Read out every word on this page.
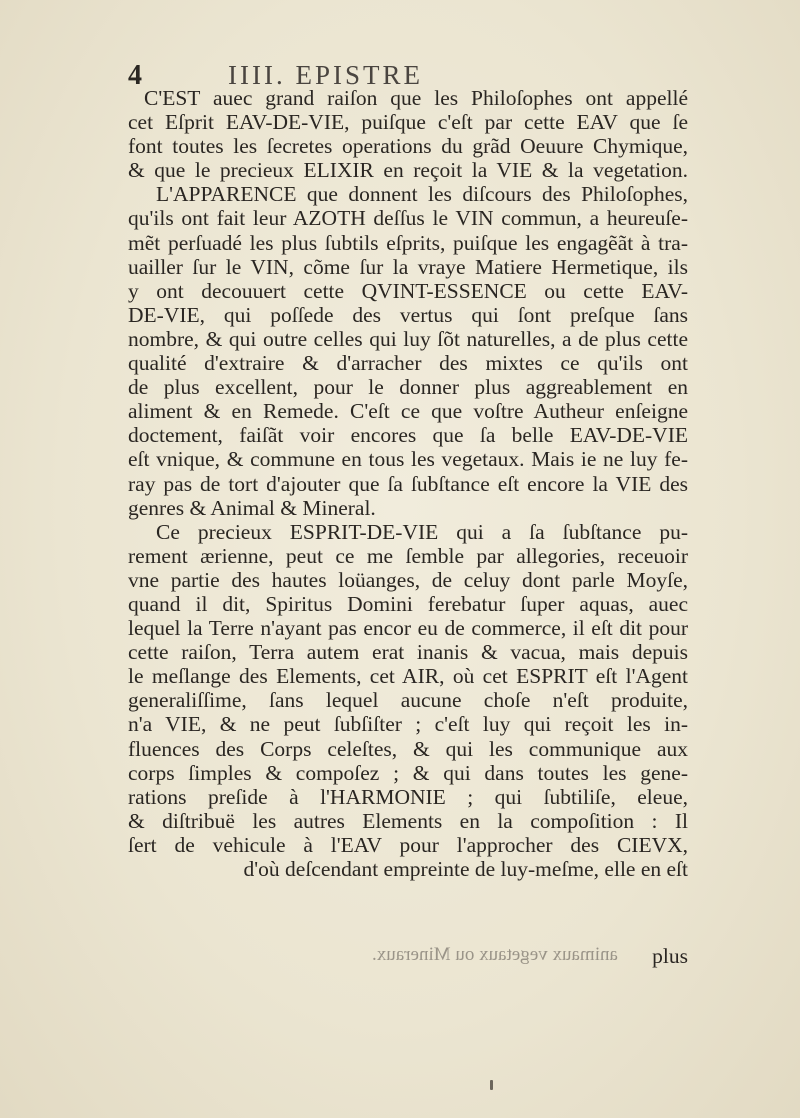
4	IIII. EPISTRE
C'EST auec grand raiſon que les Philoſophes ont appellé
cet Eſprit EAV-DE-VIE, puiſque c'eſt par cette EAV que ſe
font toutes les ſecretes operations du grãd Oeuure Chymique,
& que le precieux ELIXIR en reçoit la VIE & la vegetation.
L'APPARENCE que donnent les diſcours des Philoſophes,
qu'ils ont fait leur AZOTH deſſus le VIN commun, a heureuſe-
mẽt perſuadé les plus ſubtils eſprits, puiſque les engagẽãt à tra-
uailler ſur le VIN, cõme ſur la vraye Matiere Hermetique, ils
y ont decouuert cette QVINT-ESSENCE ou cette EAV-
DE-VIE, qui poſſede des vertus qui ſont preſque ſans
nombre, & qui outre celles qui luy ſõt naturelles, a de plus cette
qualité d'extraire & d'arracher des mixtes ce qu'ils ont
de plus excellent, pour le donner plus aggreablement en
aliment & en Remede. C'eſt ce que voſtre Autheur enſeigne
doctement, faiſãt voir encores que ſa belle EAV-DE-VIE
eſt vnique, & commune en tous les vegetaux. Mais ie ne luy fe-
ray pas de tort d'ajouter que ſa ſubſtance eſt encore la VIE des
genres & Animal & Mineral.
Ce precieux ESPRIT-DE-VIE qui a ſa ſubſtance pu-
rement ærienne, peut ce me ſemble par allegories, receuoir
vne partie des hautes loüanges, de celuy dont parle Moyſe,
quand il dit, Spiritus Domini ferebatur ſuper aquas, auec
lequel la Terre n'ayant pas encor eu de commerce, il eſt dit pour
cette raiſon, Terra autem erat inanis & vacua, mais depuis
le meſlange des Elements, cet AIR, où cet ESPRIT eſt l'Agent
generaliſſime, ſans lequel aucune choſe n'eſt produite,
n'a VIE, & ne peut ſubſiſter ; c'eſt luy qui reçoit les in-
fluences des Corps celeſtes, & qui les communique aux
corps ſimples & compoſez ; & qui dans toutes les gene-
rations preſide à l'HARMONIE ; qui ſubtiliſe, eleue,
& diſtribuë les autres Elements en la compoſition : Il
ſert de vehicule à l'EAV pour l'approcher des CIEVX,
d'où deſcendant empreinte de luy-meſme, elle en eſt
animaux vegetaux ou Mineraux. plus
